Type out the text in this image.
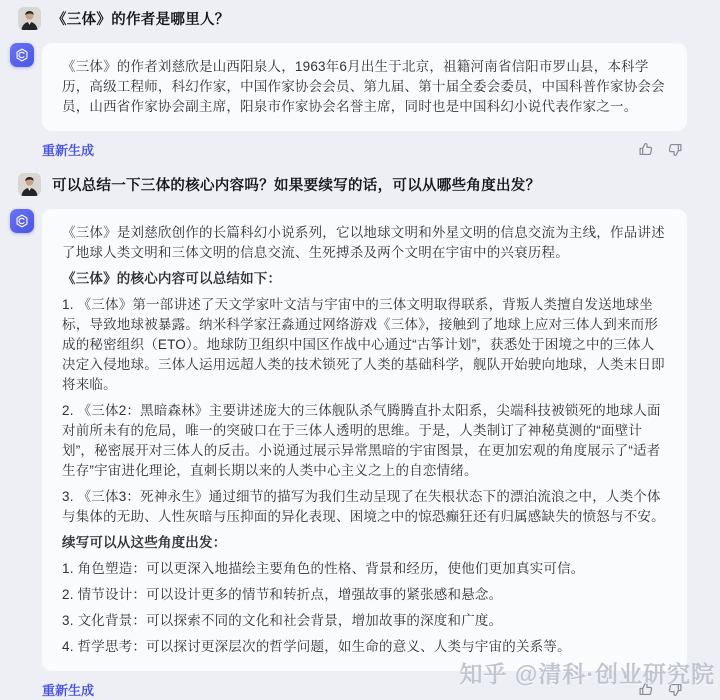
《三体》的作者是哪里人？

《三体》的作者刘慈欣是山西阳泉人，1963年6月出生于北京，祖籍河南省信阳市罗山县，本科学历，高级工程师，科幻作家，中国作家协会会员、第九届、第十届全委会委员，中国科普作家协会会员，山西省作家协会副主席，阳泉市作家协会名誉主席，同时也是中国科幻小说代表作家之一。

重新生成
可以总结一下三体的核心内容吗？如果要续写的话，可以从哪些角度出发？

《三体》是刘慈欣创作的长篇科幻小说系列，它以地球文明和外星文明的信息交流为主线，作品讲述了地球人类文明和三体文明的信息交流、生死搏杀及两个文明在宇宙中的兴衰历程。

《三体》的核心内容可以总结如下：

1. 《三体》第一部讲述了天文学家叶文洁与宇宙中的三体文明取得联系，背叛人类擅自发送地球坐标，导致地球被暴露。纳米科学家汪淼通过网络游戏《三体》，接触到了地球上应对三体人到来而形成的秘密组织（ETO）。地球防卫组织中国区作战中心通过“古筝计划”，获悉处于困境之中的三体人决定入侵地球。三体人运用远超人类的技术锁死了人类的基础科学，舰队开始驶向地球，人类末日即将来临。

2. 《三体2：黑暗森林》主要讲述庞大的三体舰队杀气腾腾直扑太阳系，尖端科技被锁死的地球人面对前所未有的危局，唯一的突破口在于三体人透明的思维。于是，人类制订了神秘莫测的“面壁计划”，秘密展开对三体人的反击。小说通过展示异常黑暗的宇宙图景，在更加宏观的角度展示了“适者生存”宇宙进化理论，直刺长期以来的人类中心主义之上的自恋情绪。

3. 《三体3：死神永生》通过细节的描写为我们生动呈现了在失根状态下的漂泊流浪之中，人类个体与集体的无助、人性灰暗与压抑面的异化表现、困境之中的惊恐癫狂还有归属感缺失的愤怒与不安。

续写可以从这些角度出发：

1. 角色塑造：可以更深入地描绘主要角色的性格、背景和经历，使他们更加真实可信。

2. 情节设计：可以设计更多的情节和转折点，增强故事的紧张感和悬念。

3. 文化背景：可以探索不同的文化和社会背景，增加故事的深度和广度。

4. 哲学思考：可以探讨更深层次的哲学问题，如生命的意义、人类与宇宙的关系等。

重新生成
知乎 @清科·创业研究院
